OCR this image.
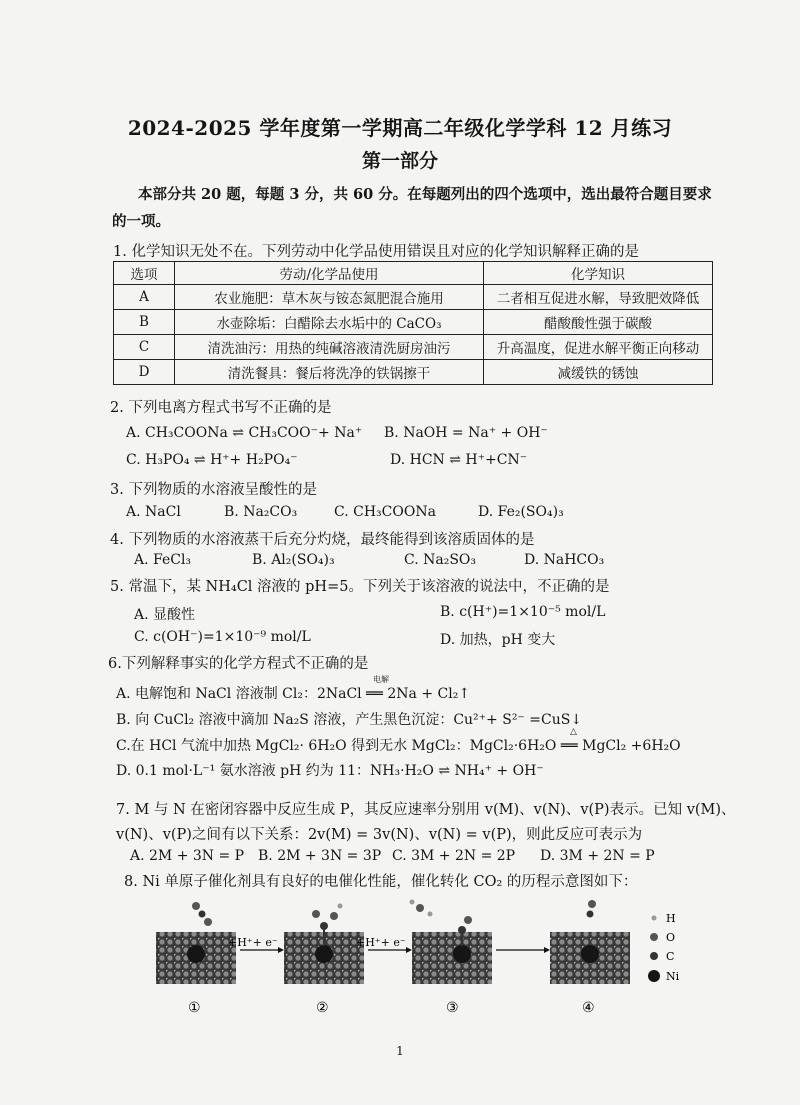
2024-2025 学年度第一学期高二年级化学学科 12 月练习
第一部分
本部分共 20 题，每题 3 分，共 60 分。在每题列出的四个选项中，选出最符合题目要求的一项。
1. 化学知识无处不在。下列劳动中化学品使用错误且对应的化学知识解释正确的是
选项	劳动/化学品使用	化学知识
A	农业施肥：草木灰与铵态氮肥混合施用	二者相互促进水解，导致肥效降低
B	水壶除垢：白醋除去水垢中的 CaCO₃	醋酸酸性强于碳酸
C	清洗油污：用热的纯碱溶液清洗厨房油污	升高温度，促进水解平衡正向移动
D	清洗餐具：餐后将洗净的铁锅擦干	减缓铁的锈蚀
2. 下列电离方程式书写不正确的是
A. CH₃COONa ⇌ CH₃COO⁻+ Na⁺ B. NaOH = Na⁺ + OH⁻
C. H₃PO₄ ⇌ H⁺+ H₂PO₄⁻	D. HCN ⇌ H⁺+CN⁻
3. 下列物质的水溶液呈酸性的是
A. NaCl	B. Na₂CO₃	C. CH₃COONa	D. Fe₂(SO₄)₃
4. 下列物质的水溶液蒸干后充分灼烧，最终能得到该溶质固体的是
A. FeCl₃	B. Al₂(SO₄)₃	C. Na₂SO₃	D. NaHCO₃
5. 常温下，某 NH₄Cl 溶液的 pH=5。下列关于该溶液的说法中，不正确的是
A. 显酸性	B. c(H⁺)=1×10⁻⁵ mol/L
C. c(OH⁻)=1×10⁻⁹ mol/L	D. 加热，pH 变大
6.下列解释事实的化学方程式不正确的是
A. 电解饱和 NaCl 溶液制 Cl₂：2NaCl ══ 2Na + Cl₂↑
电解
B. 向 CuCl₂ 溶液中滴加 Na₂S 溶液，产生黑色沉淀：Cu²⁺+ S²⁻ =CuS↓
C.在 HCl 气流中加热 MgCl₂· 6H₂O 得到无水 MgCl₂：MgCl₂·6H₂O ══ MgCl₂ +6H₂O
△
D. 0.1 mol·L⁻¹ 氨水溶液 pH 约为 11：NH₃·H₂O ⇌ NH₄⁺ + OH⁻
7. M 与 N 在密闭容器中反应生成 P，其反应速率分别用 v(M)、v(N)、v(P)表示。已知 v(M)、
v(N)、v(P)之间有以下关系：2v(M) = 3v(N)、v(N) = v(P)，则此反应可表示为
A. 2M + 3N = P B. 2M + 3N = 3P C. 3M + 2N = 2P D. 3M + 2N = P
8. Ni 单原子催化剂具有良好的电催化性能，催化转化 CO₂ 的历程示意图如下：
+H⁺+ e⁻	+H⁺+ e⁻
①	②	③	④
H
O
C
Ni
1
